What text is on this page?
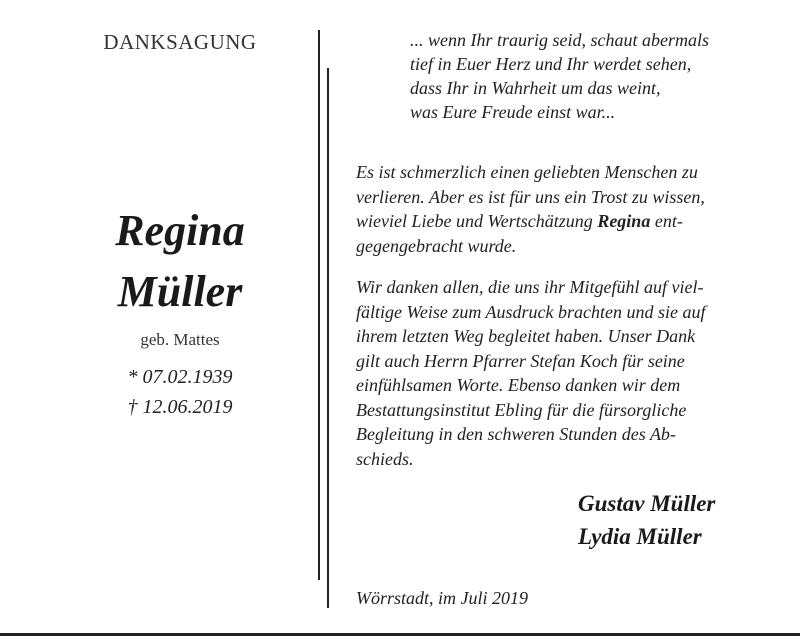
DANKSAGUNG
Regina
Müller
geb. Mattes
* 07.02.1939
† 12.06.2019
... wenn Ihr traurig seid, schaut abermals
tief in Euer Herz und Ihr werdet sehen,
dass Ihr in Wahrheit um das weint,
was Eure Freude einst war...
Es ist schmerzlich einen geliebten Menschen zu
verlieren. Aber es ist für uns ein Trost zu wissen,
wieviel Liebe und Wertschätzung Regina ent-
gegengebracht wurde.
Wir danken allen, die uns ihr Mitgefühl auf viel-
fältige Weise zum Ausdruck brachten und sie auf
ihrem letzten Weg begleitet haben. Unser Dank
gilt auch Herrn Pfarrer Stefan Koch für seine
einfühlsamen Worte. Ebenso danken wir dem
Bestattungsinstitut Ebling für die fürsorgliche
Begleitung in den schweren Stunden des Ab-
schieds.
Gustav Müller
Lydia Müller
Wörrstadt, im Juli 2019
